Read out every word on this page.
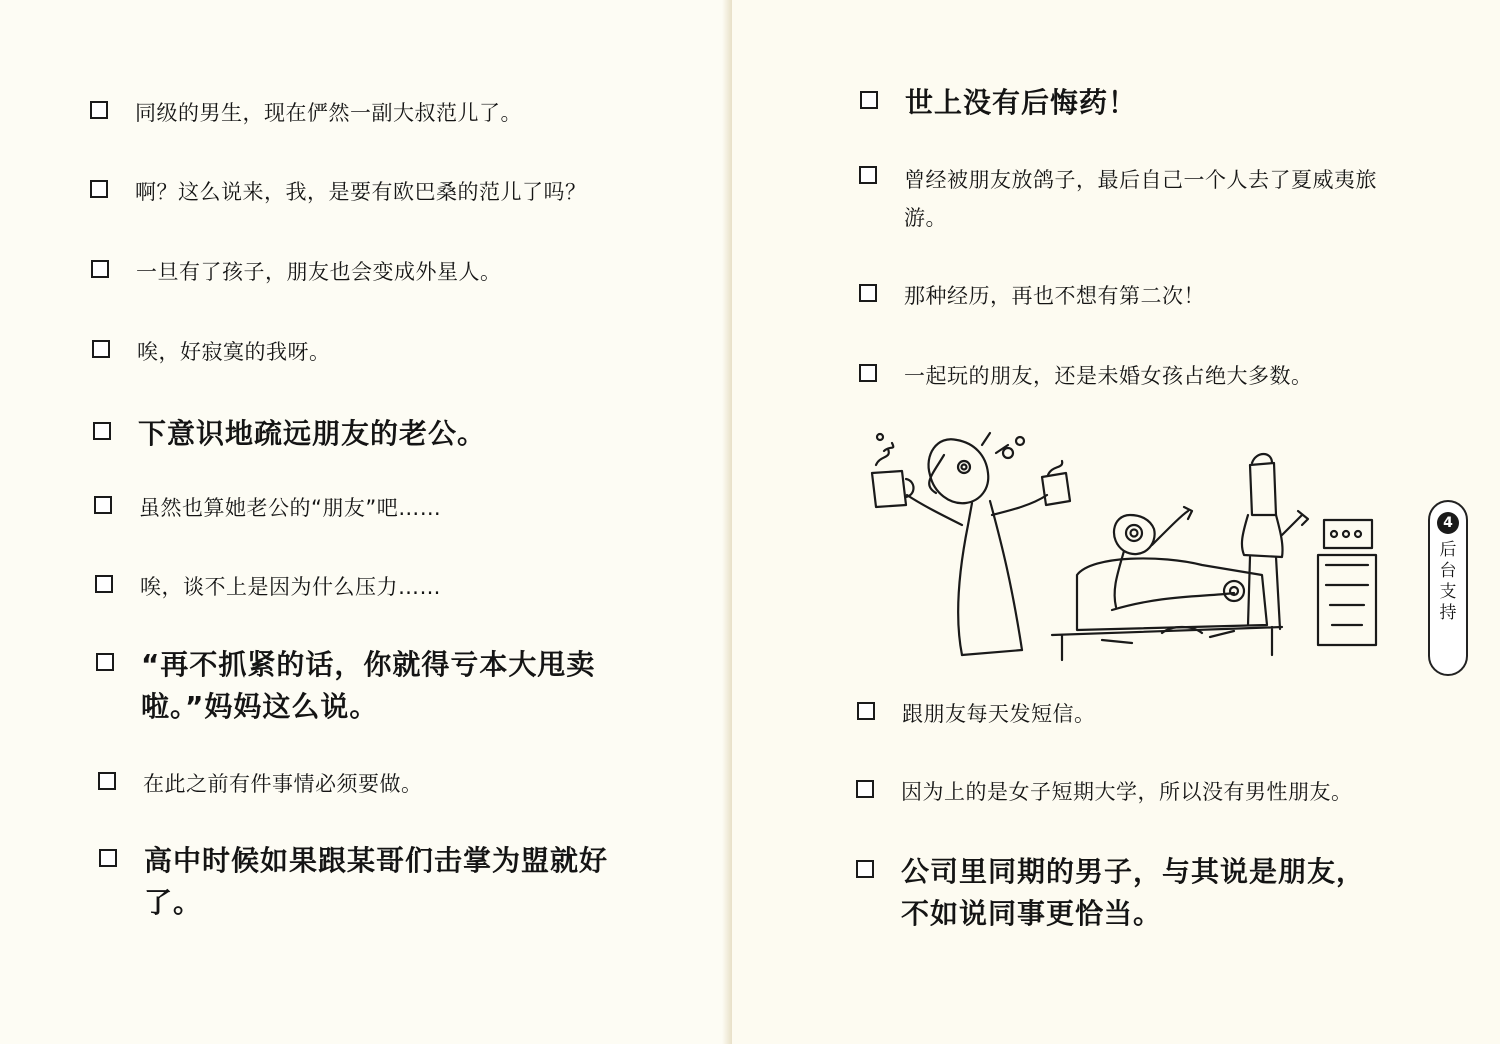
同级的男生，现在俨然一副大叔范儿了。
啊？这么说来，我，是要有欧巴桑的范儿了吗？
一旦有了孩子，朋友也会变成外星人。
唉，好寂寞的我呀。
下意识地疏远朋友的老公。
虽然也算她老公的“朋友”吧……
唉，谈不上是因为什么压力……
“再不抓紧的话，你就得亏本大甩卖啦。”妈妈这么说。
在此之前有件事情必须要做。
高中时候如果跟某哥们击掌为盟就好了。
世上没有后悔药！
曾经被朋友放鸽子，最后自己一个人去了夏威夷旅游。
那种经历，再也不想有第二次！
一起玩的朋友，还是未婚女孩占绝大多数。
跟朋友每天发短信。
因为上的是女子短期大学，所以没有男性朋友。
公司里同期的男子，与其说是朋友，不如说同事更恰当。
4
后台支持
